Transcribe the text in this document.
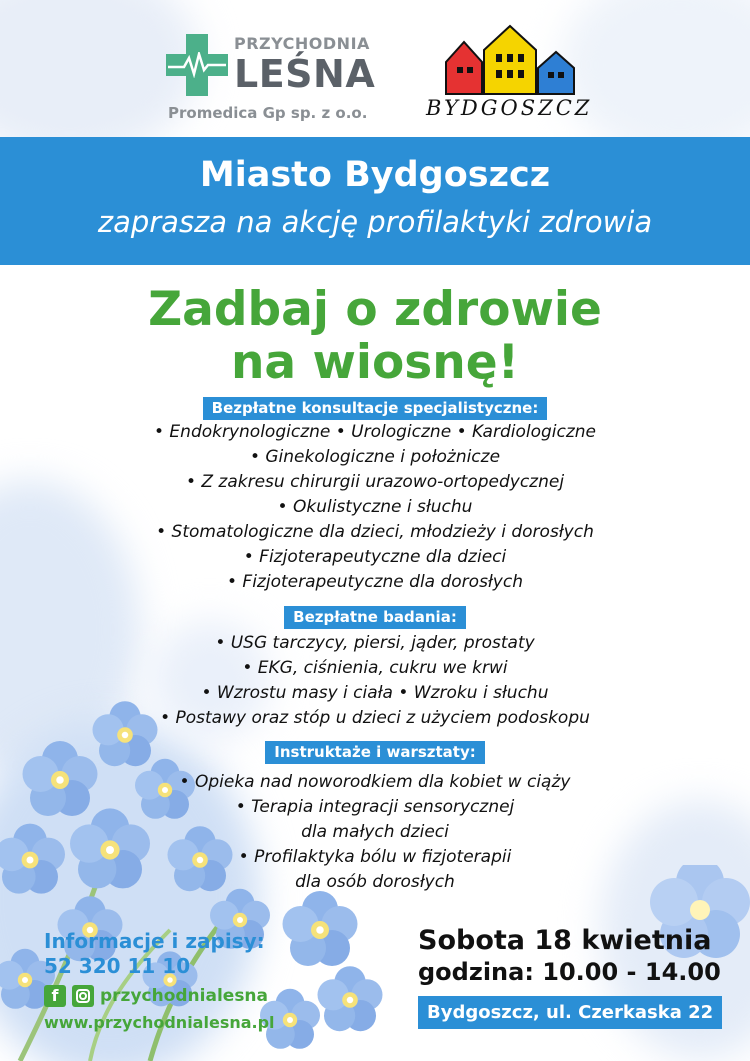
PRZYCHODNIA
LEŚNA
Promedica Gp sp. z o.o.	BYDGOSZCZ
Miasto Bydgoszcz
zaprasza na akcję profilaktyki zdrowia
Zadbaj o zdrowie
na wiosnę!
Bezpłatne konsultacje specjalistyczne:
• Endokrynologiczne • Urologiczne • Kardiologiczne
• Ginekologiczne i położnicze
• Z zakresu chirurgii urazowo-ortopedycznej
• Okulistyczne i słuchu
• Stomatologiczne dla dzieci, młodzieży i dorosłych
• Fizjoterapeutyczne dla dzieci
• Fizjoterapeutyczne dla dorosłych
Bezpłatne badania:
• USG tarczycy, piersi, jąder, prostaty
• EKG, ciśnienia, cukru we krwi
• Wzrostu masy i ciała • Wzroku i słuchu
• Postawy oraz stóp u dzieci z użyciem podoskopu
Instruktaże i warsztaty:
• Opieka nad noworodkiem dla kobiet w ciąży
• Terapia integracji sensorycznej
dla małych dzieci
• Profilaktyka bólu w fizjoterapii
dla osób dorosłych
Informacje i zapisy:
52 320 11 10
f	przychodnialesna
www.przychodnialesna.pl
Sobota 18 kwietnia
godzina: 10.00 - 14.00
Bydgoszcz, ul. Czerkaska 22
